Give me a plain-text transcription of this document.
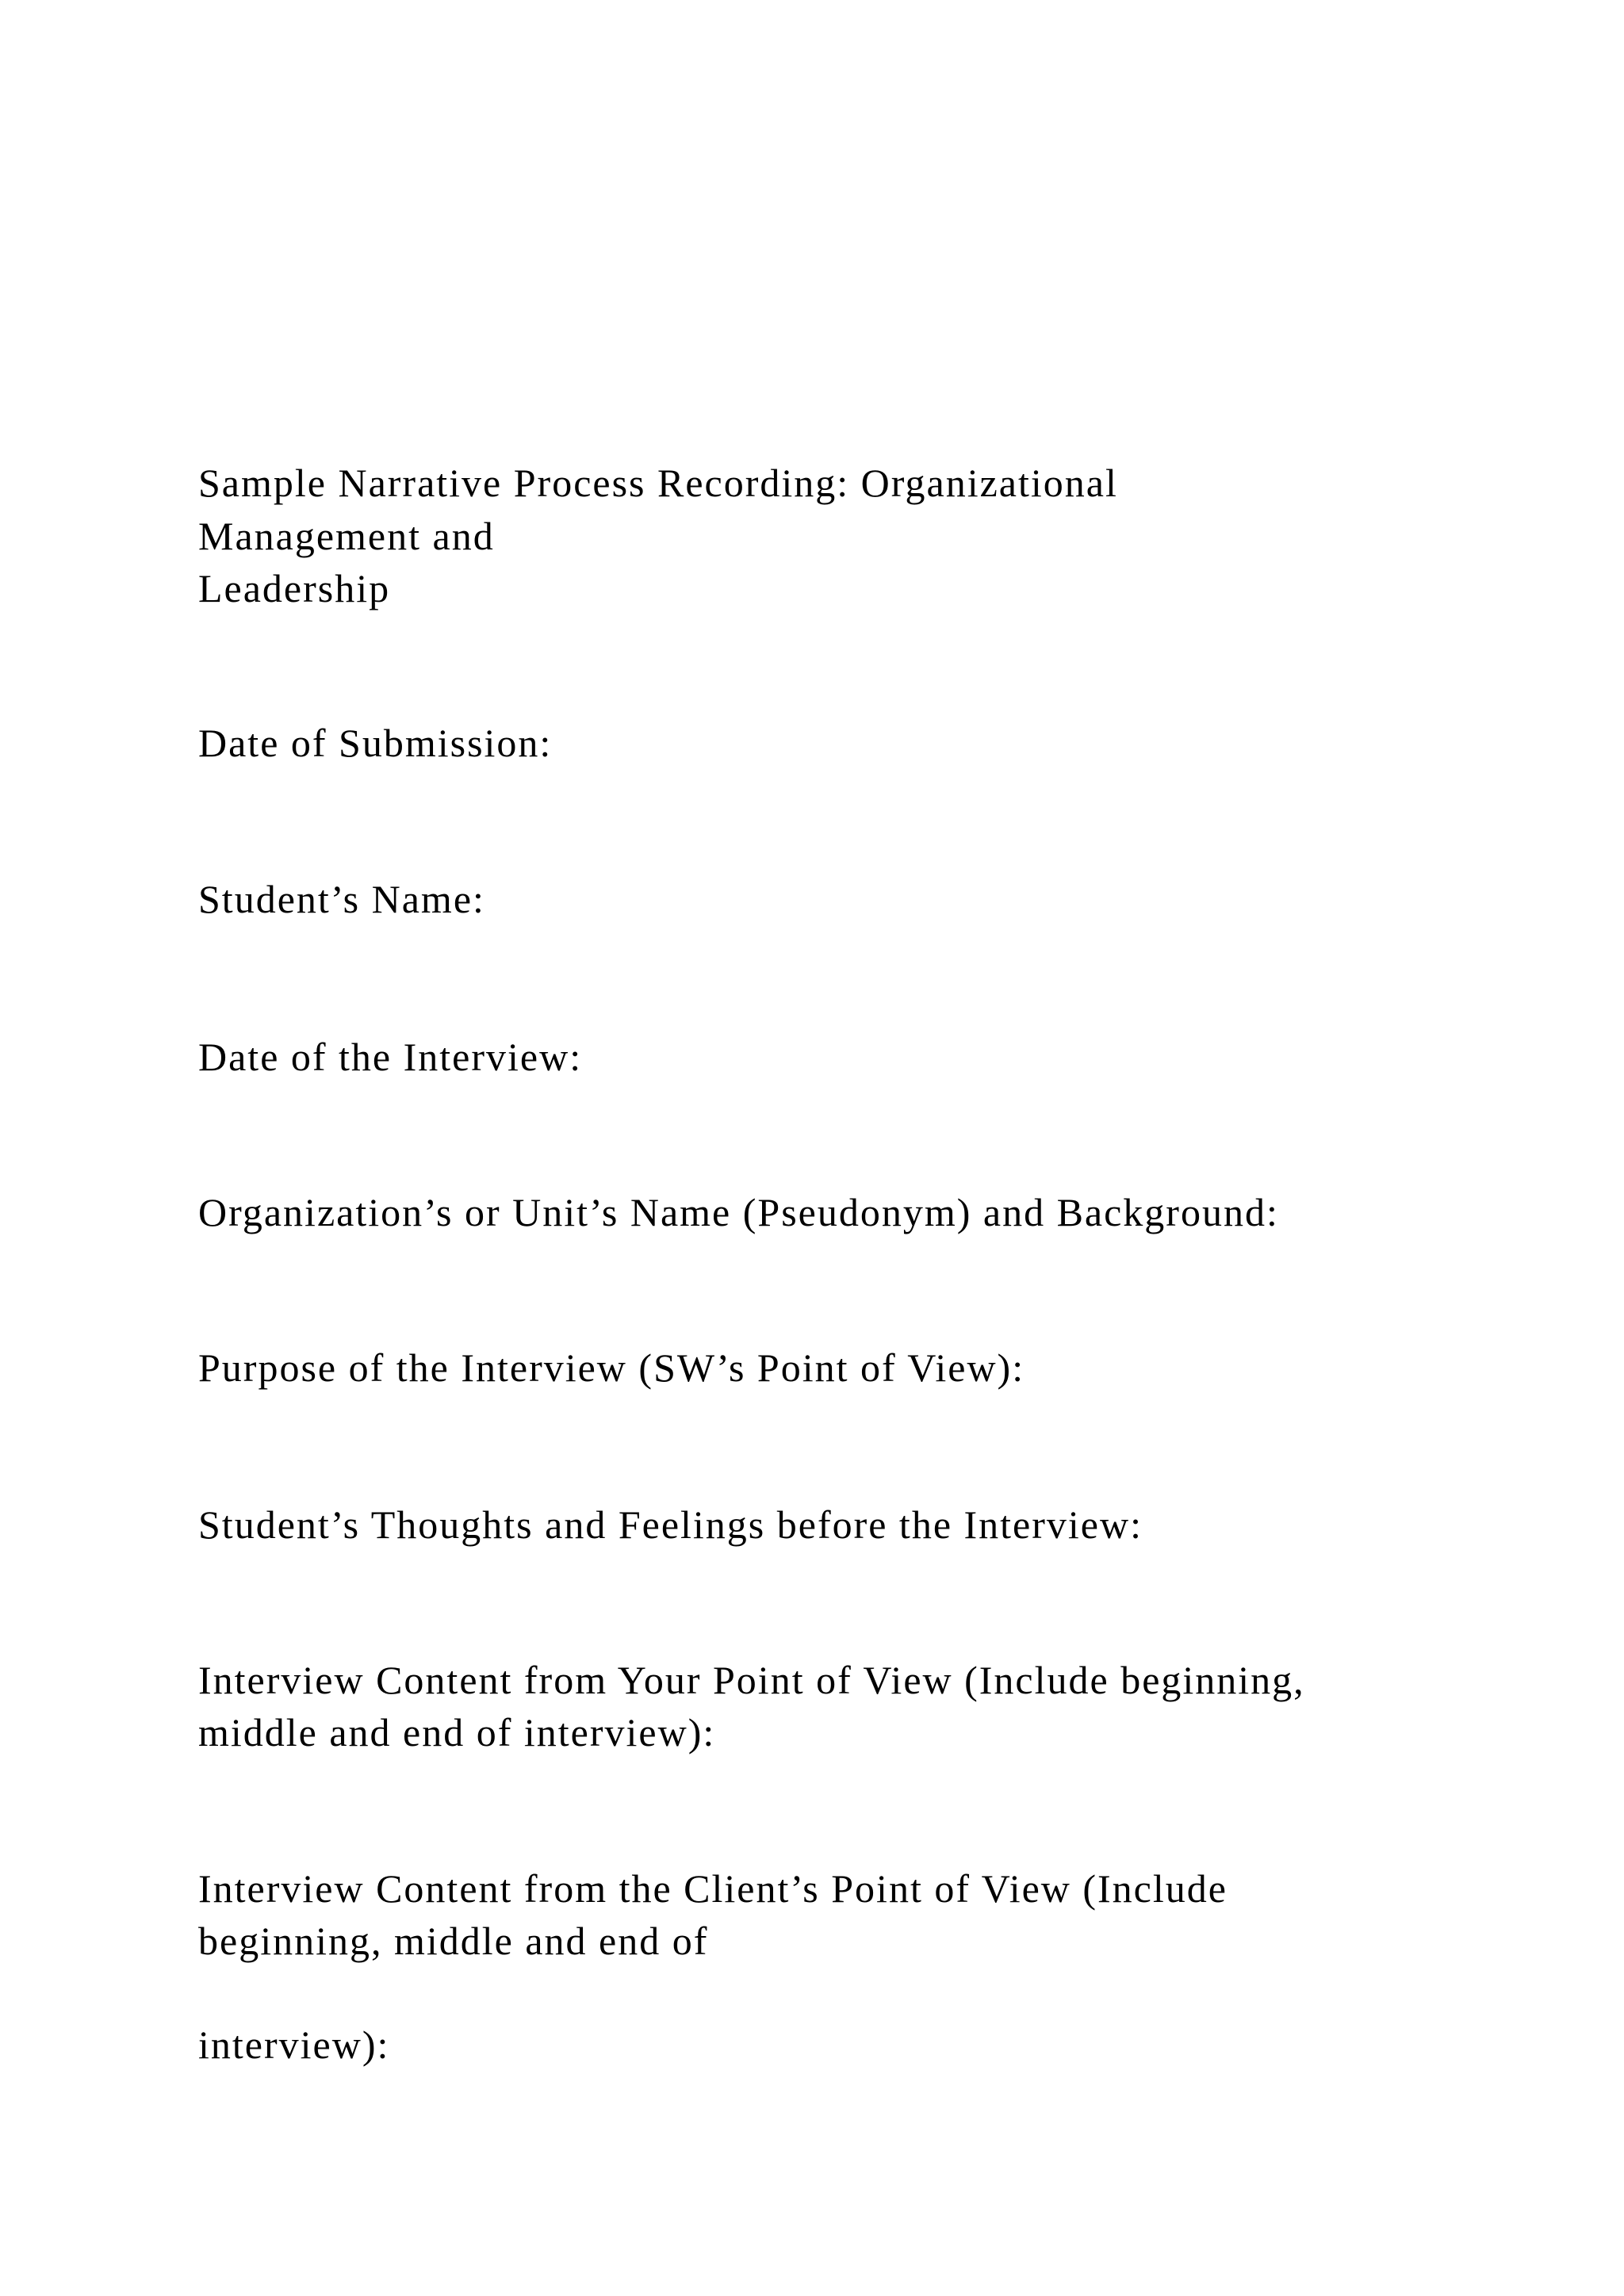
Sample Narrative Process Recording: Organizational

Management and

Leadership

Date of Submission:

Student’s Name:

Date of the Interview:

Organization’s or Unit’s Name (Pseudonym) and Background:

Purpose of the Interview (SW’s Point of View):

Student’s Thoughts and Feelings before the Interview:

Interview Content from Your Point of View (Include beginning,

middle and end of interview):

Interview Content from the Client’s Point of View (Include

beginning, middle and end of

interview):
